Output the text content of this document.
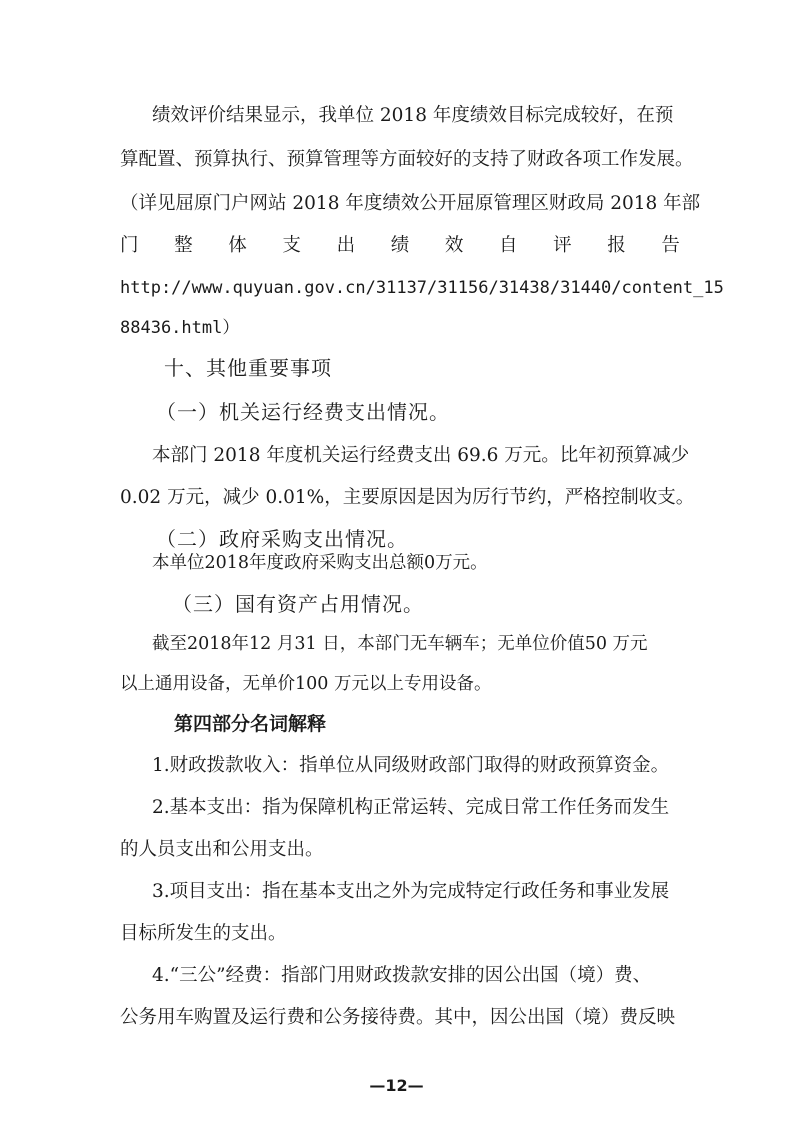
绩效评价结果显示，我单位 2018 年度绩效目标完成较好，在预
算配置、预算执行、预算管理等方面较好的支持了财政各项工作发展。
（详见屈原门户网站 2018 年度绩效公开屈原管理区财政局 2018 年部
门 整 体 支 出 绩 效 自 评 报 告
http://www.quyuan.gov.cn/31137/31156/31438/31440/content_15
88436.html）
十、其他重要事项
（一）机关运行经费支出情况。
本部门 2018 年度机关运行经费支出 69.6 万元。比年初预算减少
0.02 万元，减少 0.01%，主要原因是因为厉行节约，严格控制收支。
（二）政府采购支出情况。
本单位2018年度政府采购支出总额0万元。
（三）国有资产占用情况。
截至2018年12 月31 日，本部门无车辆车；无单位价值50 万元
以上通用设备，无单价100 万元以上专用设备。
第四部分名词解释
1.财政拨款收入：指单位从同级财政部门取得的财政预算资金。
2.基本支出：指为保障机构正常运转、完成日常工作任务而发生
的人员支出和公用支出。
3.项目支出：指在基本支出之外为完成特定行政任务和事业发展
目标所发生的支出。
4.“三公”经费：指部门用财政拨款安排的因公出国（境）费、
公务用车购置及运行费和公务接待费。其中，因公出国（境）费反映
—12—
